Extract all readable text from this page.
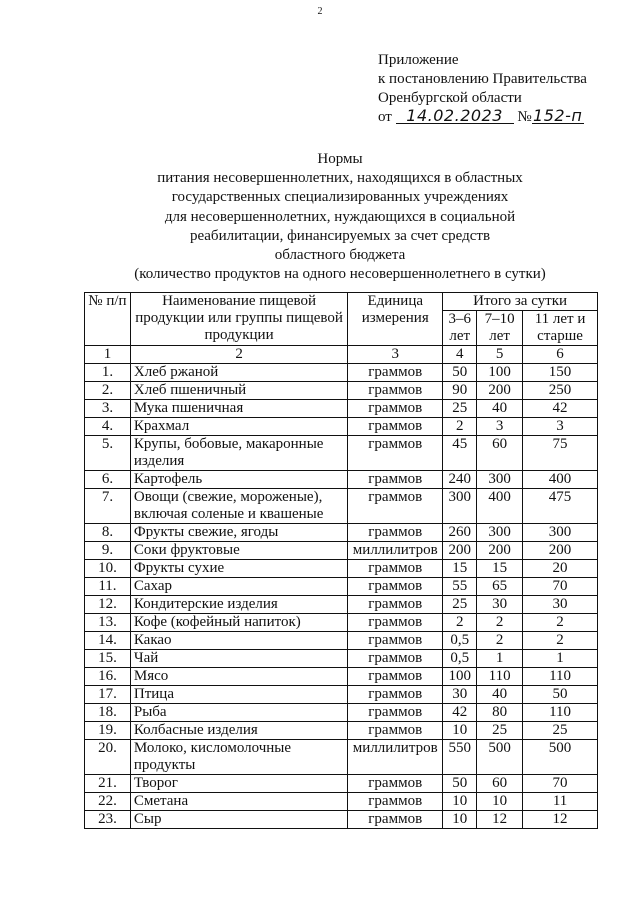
2
Приложение
к постановлению Правительства
Оренбургской области
от 14.02.2023 №152-п
Нормы
питания несовершеннолетних, находящихся в областных
государственных специализированных учреждениях
для несовершеннолетних, нуждающихся в социальной
реабилитации, финансируемых за счет средств
областного бюджета
(количество продуктов на одного несовершеннолетнего в сутки)
№ п/п	Наименование пищевой продукции или группы пищевой продукции	Единица измерения	Итого за сутки		
			3–6 лет	7–10 лет	11 лет и старше
1	2	3	4	5	6
1.	Хлеб ржаной	граммов	50	100	150
2.	Хлеб пшеничный	граммов	90	200	250
3.	Мука пшеничная	граммов	25	40	42
4.	Крахмал	граммов	2	3	3
5.	Крупы, бобовые, макаронные изделия	граммов	45	60	75
6.	Картофель	граммов	240	300	400
7.	Овощи (свежие, мороженые), включая соленые и квашеные	граммов	300	400	475
8.	Фрукты свежие, ягоды	граммов	260	300	300
9.	Соки фруктовые	миллилитров	200	200	200
10.	Фрукты сухие	граммов	15	15	20
11.	Сахар	граммов	55	65	70
12.	Кондитерские изделия	граммов	25	30	30
13.	Кофе (кофейный напиток)	граммов	2	2	2
14.	Какао	граммов	0,5	2	2
15.	Чай	граммов	0,5	1	1
16.	Мясо	граммов	100	110	110
17.	Птица	граммов	30	40	50
18.	Рыба	граммов	42	80	110
19.	Колбасные изделия	граммов	10	25	25
20.	Молоко, кисломолочные продукты	миллилитров	550	500	500
21.	Творог	граммов	50	60	70
22.	Сметана	граммов	10	10	11
23.	Сыр	граммов	10	12	12
